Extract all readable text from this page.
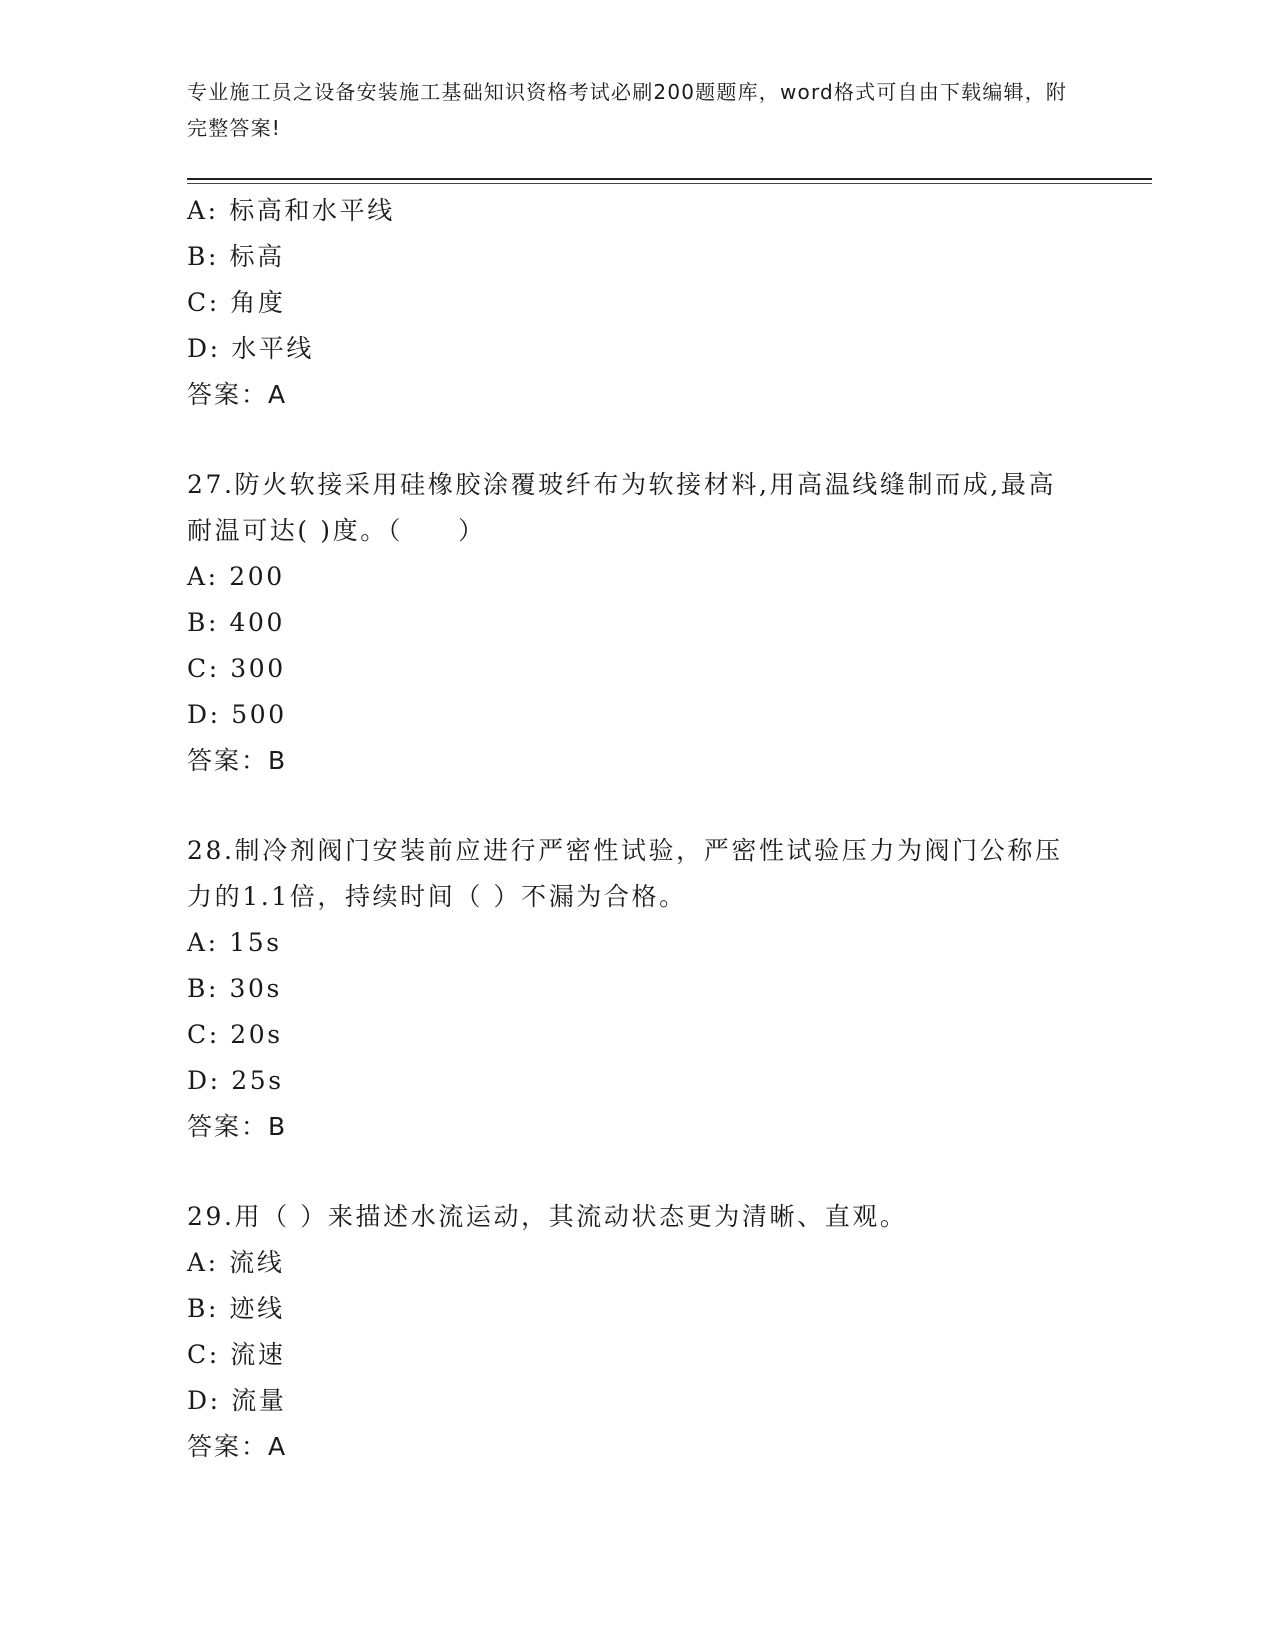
专业施工员之设备安装施工基础知识资格考试必刷200题题库，word格式可自由下载编辑，附完整答案!
A: 标高和水平线
B: 标高
C: 角度
D: 水平线
答案：A
27.防火软接采用硅橡胶涂覆玻纤布为软接材料,用高温线缝制而成,最高耐温可达( )度。（　　）
A: 200
B: 400
C: 300
D: 500
答案：B
28.制冷剂阀门安装前应进行严密性试验，严密性试验压力为阀门公称压力的1.1倍，持续时间（ ）不漏为合格。
A: 15s
B: 30s
C: 20s
D: 25s
答案：B
29.用（ ）来描述水流运动，其流动状态更为清晰、直观。
A: 流线
B: 迹线
C: 流速
D: 流量
答案：A
